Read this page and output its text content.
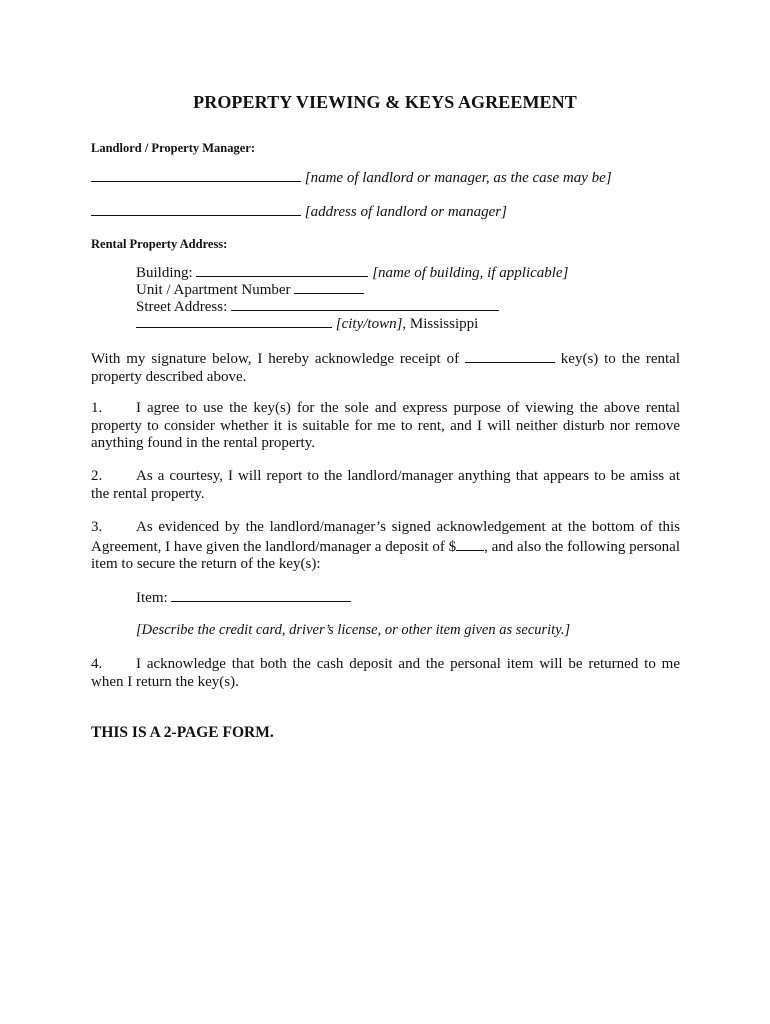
PROPERTY VIEWING & KEYS AGREEMENT
Landlord / Property Manager:
[name of landlord or manager, as the case may be]
[address of landlord or manager]
Rental Property Address:
Building:	[name of building, if applicable]
Unit / Apartment Number
Street Address:
[city/town], Mississippi
With my signature below, I hereby acknowledge receipt of	key(s) to the rental property described above.
1. I agree to use the key(s) for the sole and express purpose of viewing the above rental property to consider whether it is suitable for me to rent, and I will neither disturb nor remove anything found in the rental property.
2. As a courtesy, I will report to the landlord/manager anything that appears to be amiss at the rental property.
3. As evidenced by the landlord/manager’s signed acknowledgement at the bottom of this Agreement, I have given the landlord/manager a deposit of $ , and also the following personal item to secure the return of the key(s):
Item:
[Describe the credit card, driver’s license, or other item given as security.]
4. I acknowledge that both the cash deposit and the personal item will be returned to me when I return the key(s).
THIS IS A 2-PAGE FORM.
